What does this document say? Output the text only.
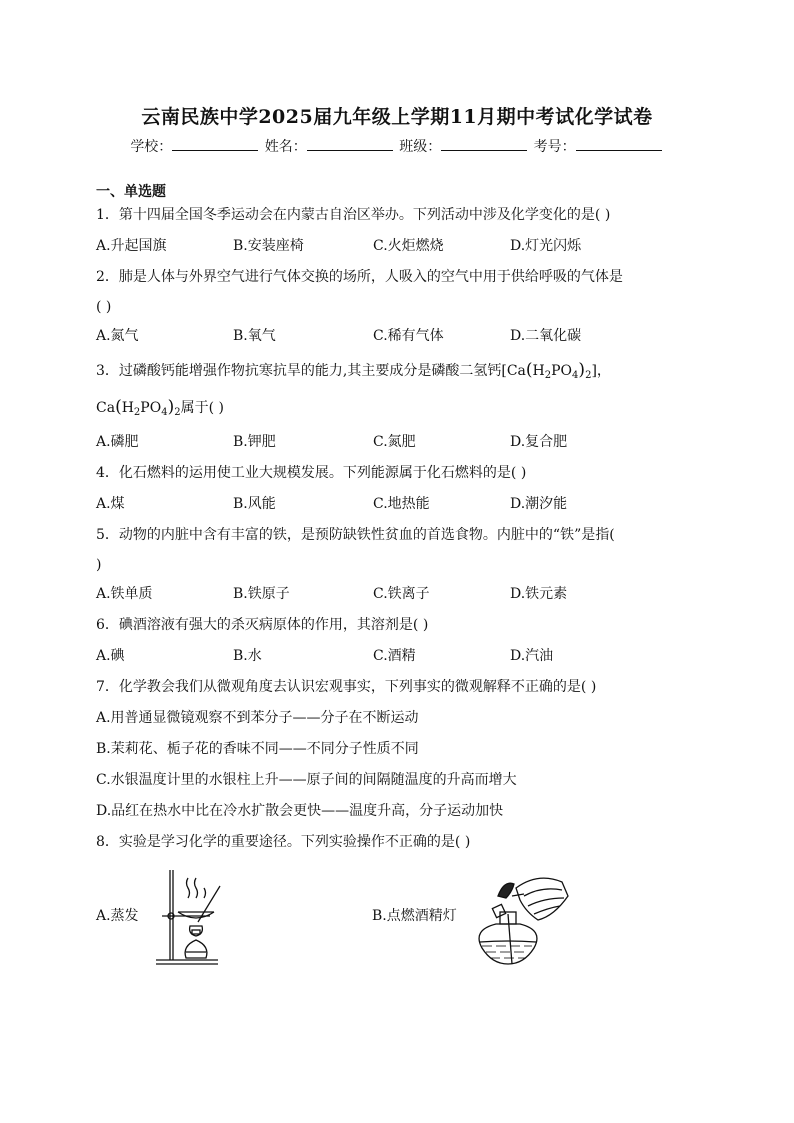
云南民族中学2025届九年级上学期11月期中考试化学试卷
学校：	姓名：	班级：	考号：
一、单选题
1．第十四届全国冬季运动会在内蒙古自治区举办。下列活动中涉及化学变化的是( )
A.升起国旗	B.安装座椅	C.火炬燃烧	D.灯光闪烁
2．肺是人体与外界空气进行气体交换的场所，人吸入的空气中用于供给呼吸的气体是
( )
A.氮气	B.氧气	C.稀有气体	D.二氧化碳
3．过磷酸钙能增强作物抗寒抗旱的能力,其主要成分是磷酸二氢钙$[Ca(H_2PO_4)_2]$，
$Ca(H_2PO_4)_2$属于( )
A.磷肥	B.钾肥	C.氮肥	D.复合肥
4．化石燃料的运用使工业大规模发展。下列能源属于化石燃料的是( )
A.煤	B.风能	C.地热能	D.潮汐能
5．动物的内脏中含有丰富的铁，是预防缺铁性贫血的首选食物。内脏中的“铁”是指(
)
A.铁单质	B.铁原子	C.铁离子	D.铁元素
6．碘酒溶液有强大的杀灭病原体的作用，其溶剂是( )
A.碘	B.水	C.酒精	D.汽油
7．化学教会我们从微观角度去认识宏观事实，下列事实的微观解释不正确的是( )
A.用普通显微镜观察不到苯分子——分子在不断运动
B.茉莉花、栀子花的香味不同——不同分子性质不同
C.水银温度计里的水银柱上升——原子间的间隔随温度的升高而增大
D.品红在热水中比在冷水扩散会更快——温度升高，分子运动加快
8．实验是学习化学的重要途径。下列实验操作不正确的是( )
A.蒸发	B.点燃酒精灯
